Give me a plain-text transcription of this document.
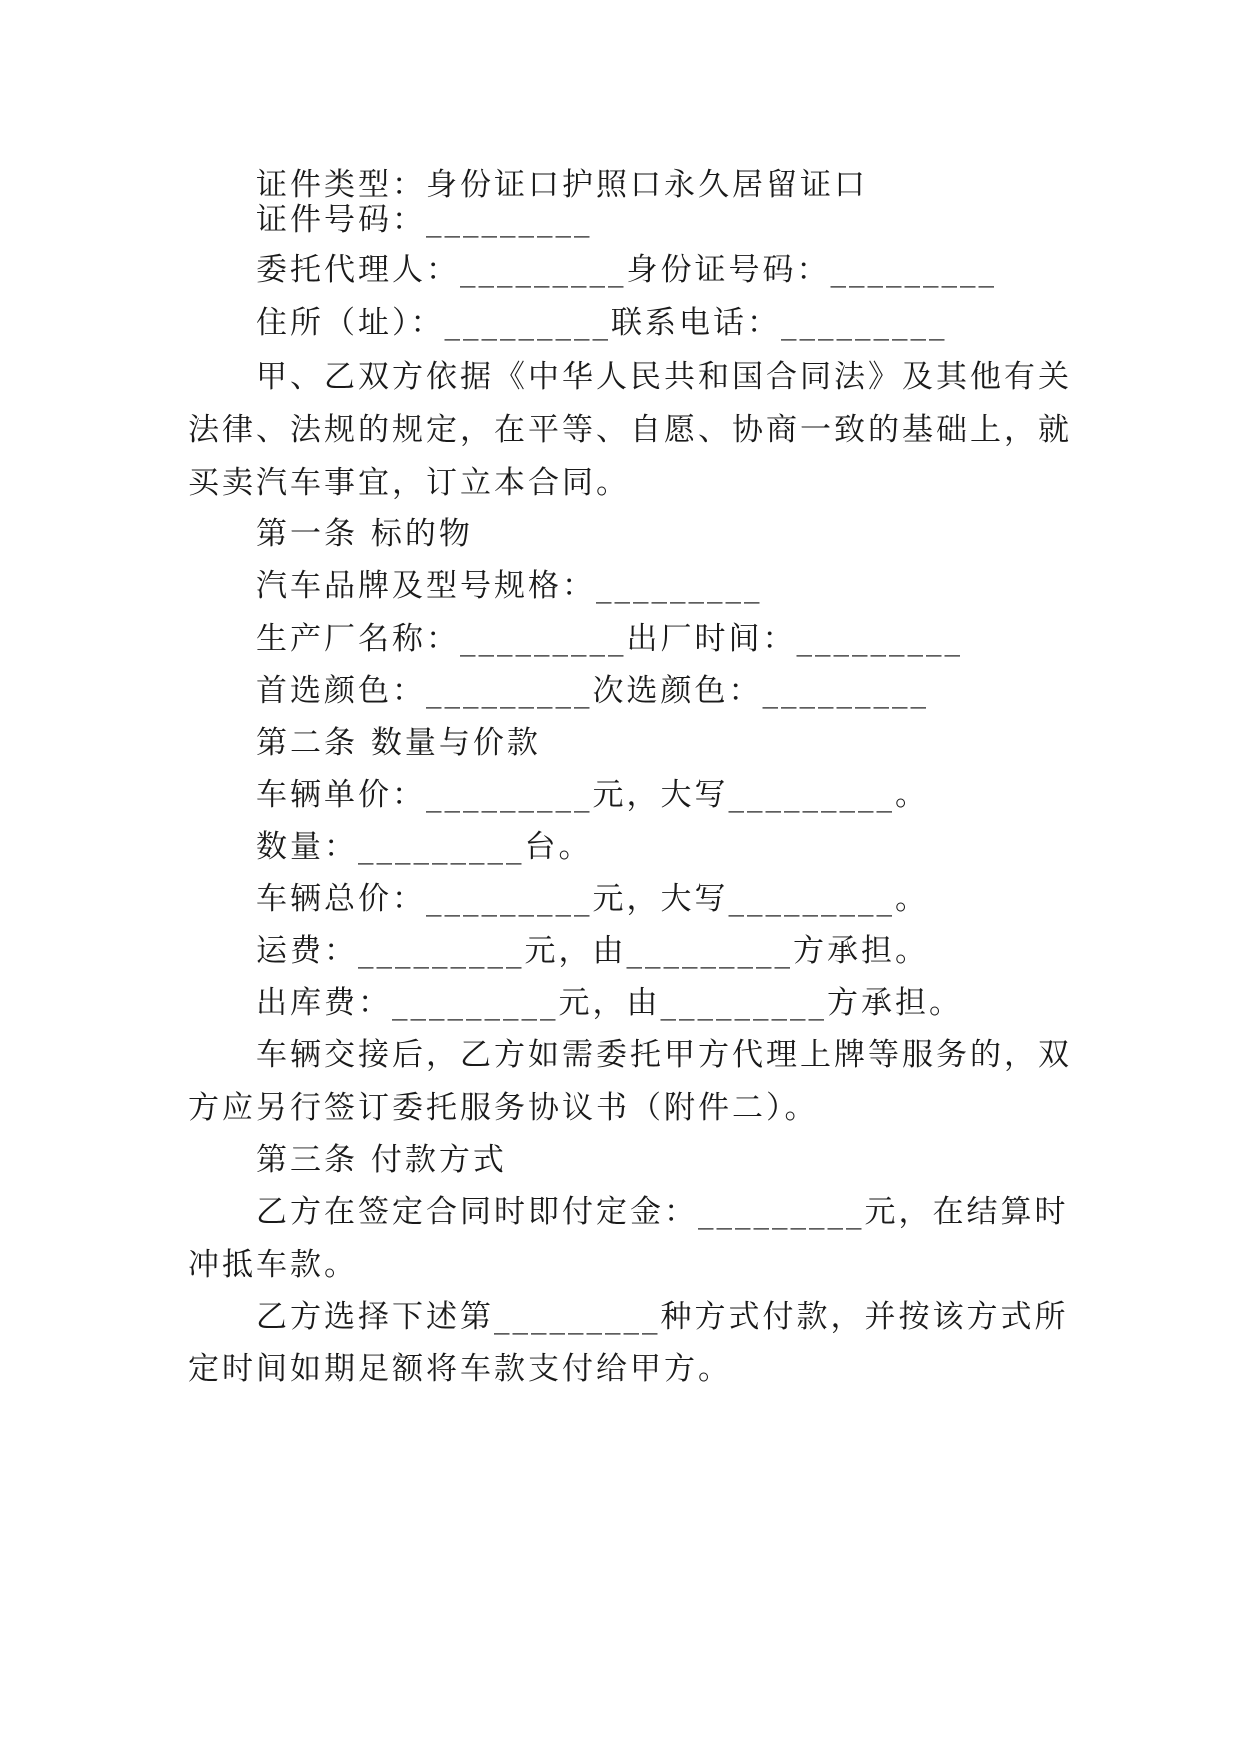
证件类型：身份证口护照口永久居留证口
证件号码：_________
委托代理人：_________身份证号码：_________
住所（址）：_________联系电话：_________
甲、乙双方依据《中华人民共和国合同法》及其他有关
法律、法规的规定，在平等、自愿、协商一致的基础上，就
买卖汽车事宜，订立本合同。
第一条 标的物
汽车品牌及型号规格：_________
生产厂名称：_________出厂时间：_________
首选颜色：_________次选颜色：_________
第二条 数量与价款
车辆单价：_________元，大写_________。
数量：_________台。
车辆总价：_________元，大写_________。
运费：_________元，由_________方承担。
出库费：_________元，由_________方承担。
车辆交接后，乙方如需委托甲方代理上牌等服务的，双
方应另行签订委托服务协议书（附件二）。
第三条 付款方式
乙方在签定合同时即付定金：_________元，在结算时
冲抵车款。
乙方选择下述第_________种方式付款，并按该方式所
定时间如期足额将车款支付给甲方。
